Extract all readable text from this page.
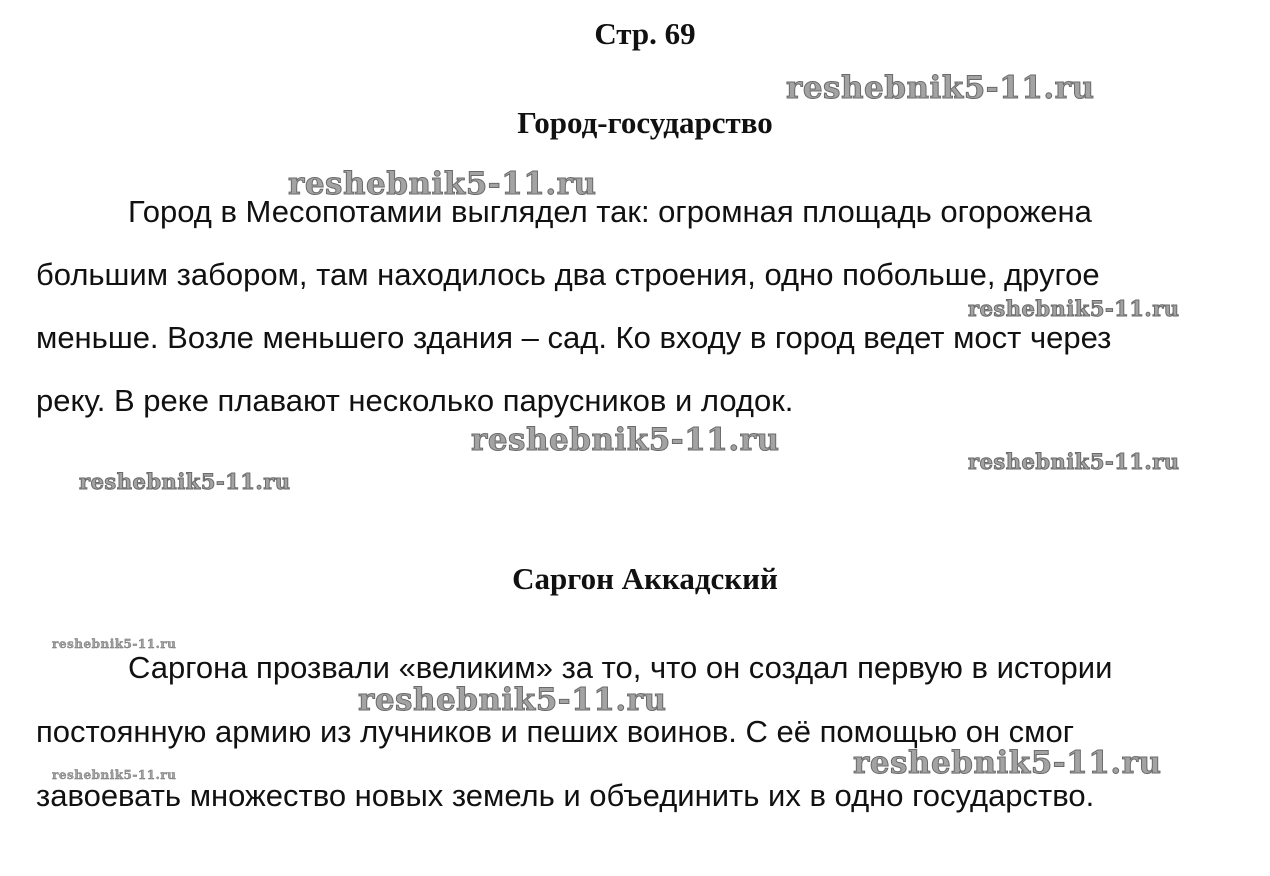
Стр. 69
Город-государство
Город в Месопотамии выглядел так: огромная площадь огорожена
большим забором, там находилось два строения, одно побольше, другое
меньше. Возле меньшего здания – сад. Ко входу в город ведет мост через
реку. В реке плавают несколько парусников и лодок.
Саргон Аккадский
Саргона прозвали «великим» за то, что он создал первую в истории
постоянную армию из лучников и пеших воинов. С её помощью он смог
завоевать множество новых земель и объединить их в одно государство.
reshebnik5-11.ru
reshebnik5-11.ru
reshebnik5-11.ru
reshebnik5-11.ru
reshebnik5-11.ru
reshebnik5-11.ru
reshebnik5-11.ru
reshebnik5-11.ru
reshebnik5-11.ru	reshebnik5-11.ru
